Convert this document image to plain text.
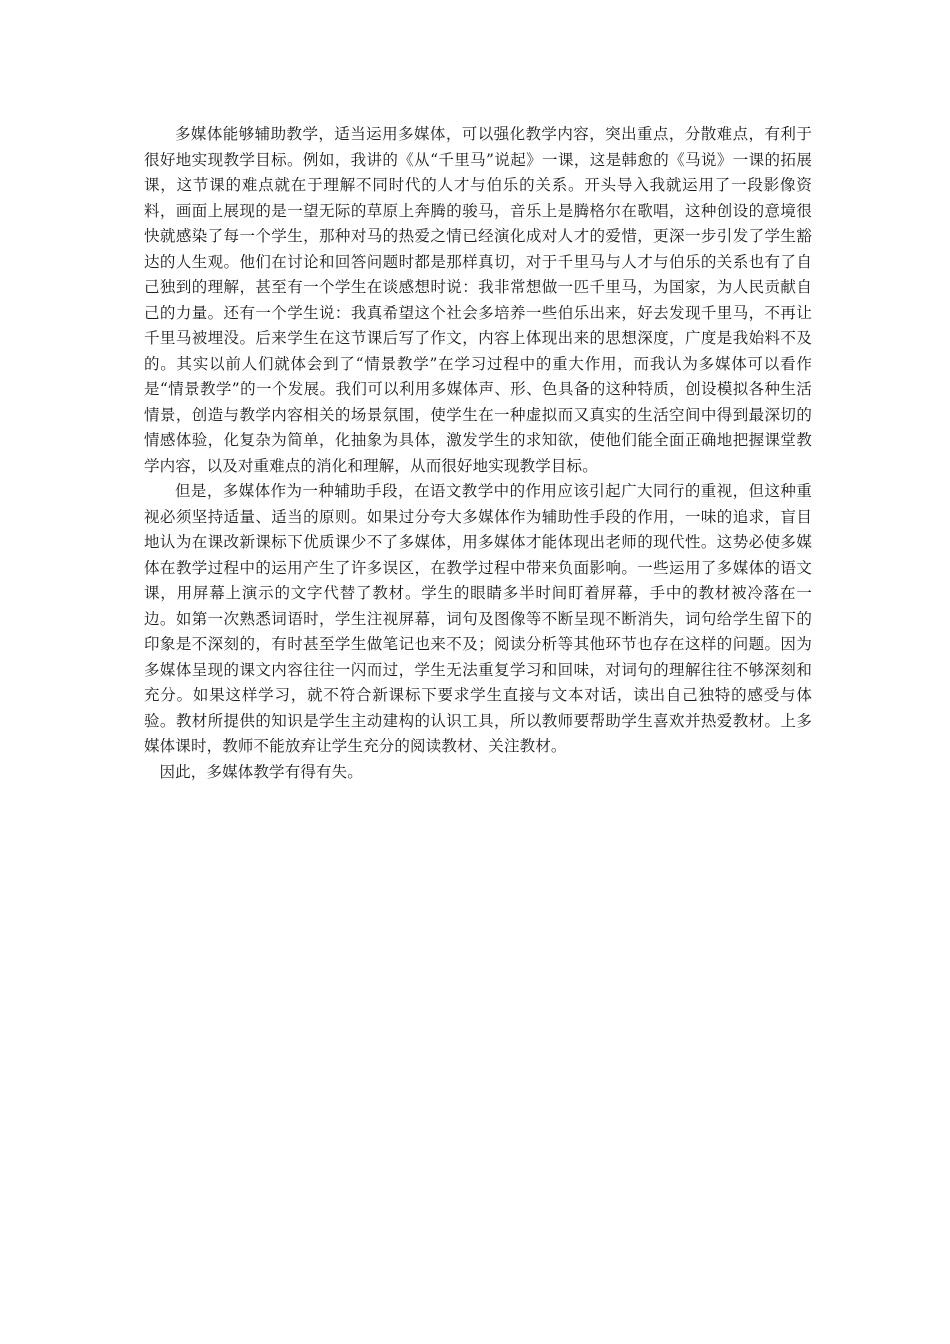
多媒体能够辅助教学，适当运用多媒体，可以强化教学内容，突出重点，分散难点，有利于很好地实现教学目标。例如，我讲的《从“千里马”说起》一课，这是韩愈的《马说》一课的拓展课，这节课的难点就在于理解不同时代的人才与伯乐的关系。开头导入我就运用了一段影像资料，画面上展现的是一望无际的草原上奔腾的骏马，音乐上是腾格尔在歌唱，这种创设的意境很快就感染了每一个学生，那种对马的热爱之情已经演化成对人才的爱惜，更深一步引发了学生豁达的人生观。他们在讨论和回答问题时都是那样真切，对于千里马与人才与伯乐的关系也有了自己独到的理解，甚至有一个学生在谈感想时说：我非常想做一匹千里马，为国家，为人民贡献自己的力量。还有一个学生说：我真希望这个社会多培养一些伯乐出来，好去发现千里马，不再让千里马被埋没。后来学生在这节课后写了作文，内容上体现出来的思想深度，广度是我始料不及的。其实以前人们就体会到了“情景教学”在学习过程中的重大作用，而我认为多媒体可以看作是“情景教学”的一个发展。我们可以利用多媒体声、形、色具备的这种特质，创设模拟各种生活情景，创造与教学内容相关的场景氛围，使学生在一种虚拟而又真实的生活空间中得到最深切的情感体验，化复杂为简单，化抽象为具体，激发学生的求知欲，使他们能全面正确地把握课堂教学内容，以及对重难点的消化和理解，从而很好地实现教学目标。

但是，多媒体作为一种辅助手段，在语文教学中的作用应该引起广大同行的重视，但这种重视必须坚持适量、适当的原则。如果过分夸大多媒体作为辅助性手段的作用，一味的追求，盲目地认为在课改新课标下优质课少不了多媒体，用多媒体才能体现出老师的现代性。这势必使多媒体在教学过程中的运用产生了许多误区，在教学过程中带来负面影响。一些运用了多媒体的语文课，用屏幕上演示的文字代替了教材。学生的眼睛多半时间盯着屏幕，手中的教材被冷落在一边。如第一次熟悉词语时，学生注视屏幕，词句及图像等不断呈现不断消失，词句给学生留下的印象是不深刻的，有时甚至学生做笔记也来不及；阅读分析等其他环节也存在这样的问题。因为多媒体呈现的课文内容往往一闪而过，学生无法重复学习和回味，对词句的理解往往不够深刻和充分。如果这样学习，就不符合新课标下要求学生直接与文本对话，读出自己独特的感受与体验。教材所提供的知识是学生主动建构的认识工具，所以教师要帮助学生喜欢并热爱教材。上多媒体课时，教师不能放弃让学生充分的阅读教材、关注教材。

因此，多媒体教学有得有失。
